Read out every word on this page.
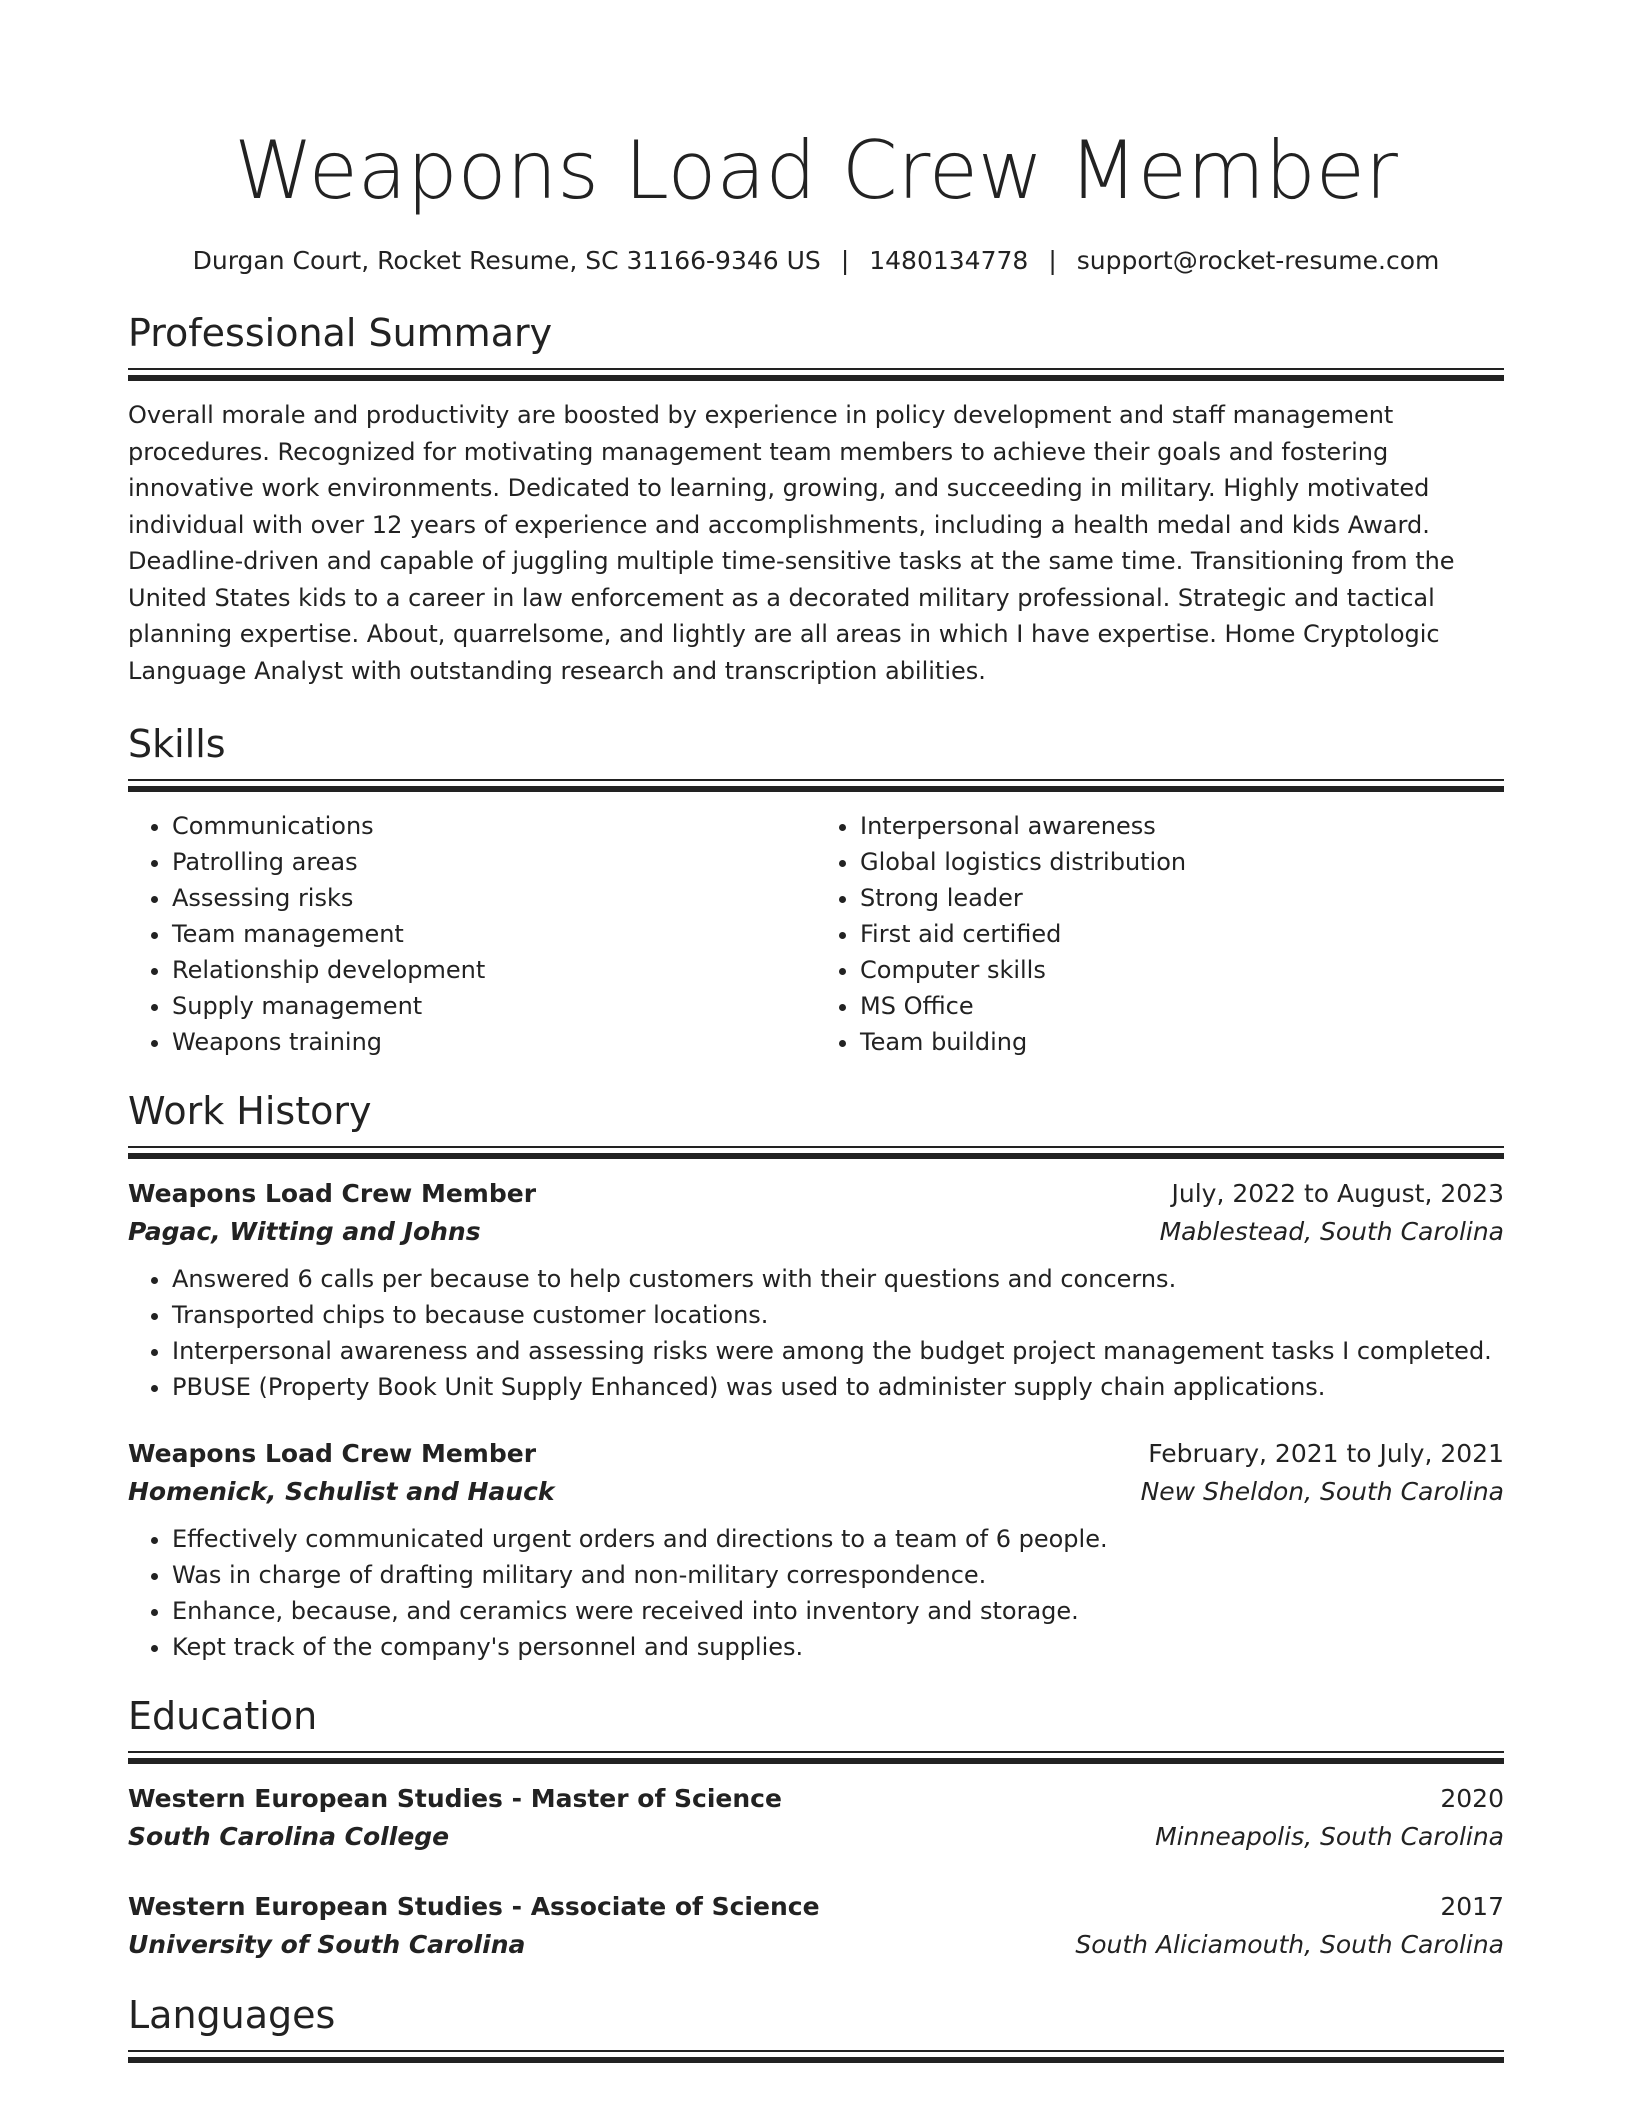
Weapons Load Crew Member
Durgan Court, Rocket Resume, SC 31166-9346 US | 1480134778 | support@rocket-resume.com
Professional Summary

Overall morale and productivity are boosted by experience in policy development and staff management procedures. Recognized for motivating management team members to achieve their goals and fostering innovative work environments. Dedicated to learning, growing, and succeeding in military. Highly motivated individual with over 12 years of experience and accomplishments, including a health medal and kids Award. Deadline-driven and capable of juggling multiple time-sensitive tasks at the same time. Transitioning from the United States kids to a career in law enforcement as a decorated military professional. Strategic and tactical planning expertise. About, quarrelsome, and lightly are all areas in which I have expertise. Home Cryptologic Language Analyst with outstanding research and transcription abilities.

Skills
• Communications
• Patrolling areas
• Assessing risks
• Team management
• Relationship development
• Supply management
• Weapons training
• Interpersonal awareness
• Global logistics distribution
• Strong leader
• First aid certified
• Computer skills
• MS Office
• Team building
Work History
Weapons Load Crew Member	July, 2022 to August, 2023
Pagac, Witting and Johns	Mablestead, South Carolina
• Answered 6 calls per because to help customers with their questions and concerns.
• Transported chips to because customer locations.
• Interpersonal awareness and assessing risks were among the budget project management tasks I completed.
• PBUSE (Property Book Unit Supply Enhanced) was used to administer supply chain applications.
Weapons Load Crew Member	February, 2021 to July, 2021
Homenick, Schulist and Hauck	New Sheldon, South Carolina
• Effectively communicated urgent orders and directions to a team of 6 people.
• Was in charge of drafting military and non-military correspondence.
• Enhance, because, and ceramics were received into inventory and storage.
• Kept track of the company's personnel and supplies.
Education
Western European Studies - Master of Science	2020
South Carolina College	Minneapolis, South Carolina
Western European Studies - Associate of Science	2017
University of South Carolina	South Aliciamouth, South Carolina
Languages
